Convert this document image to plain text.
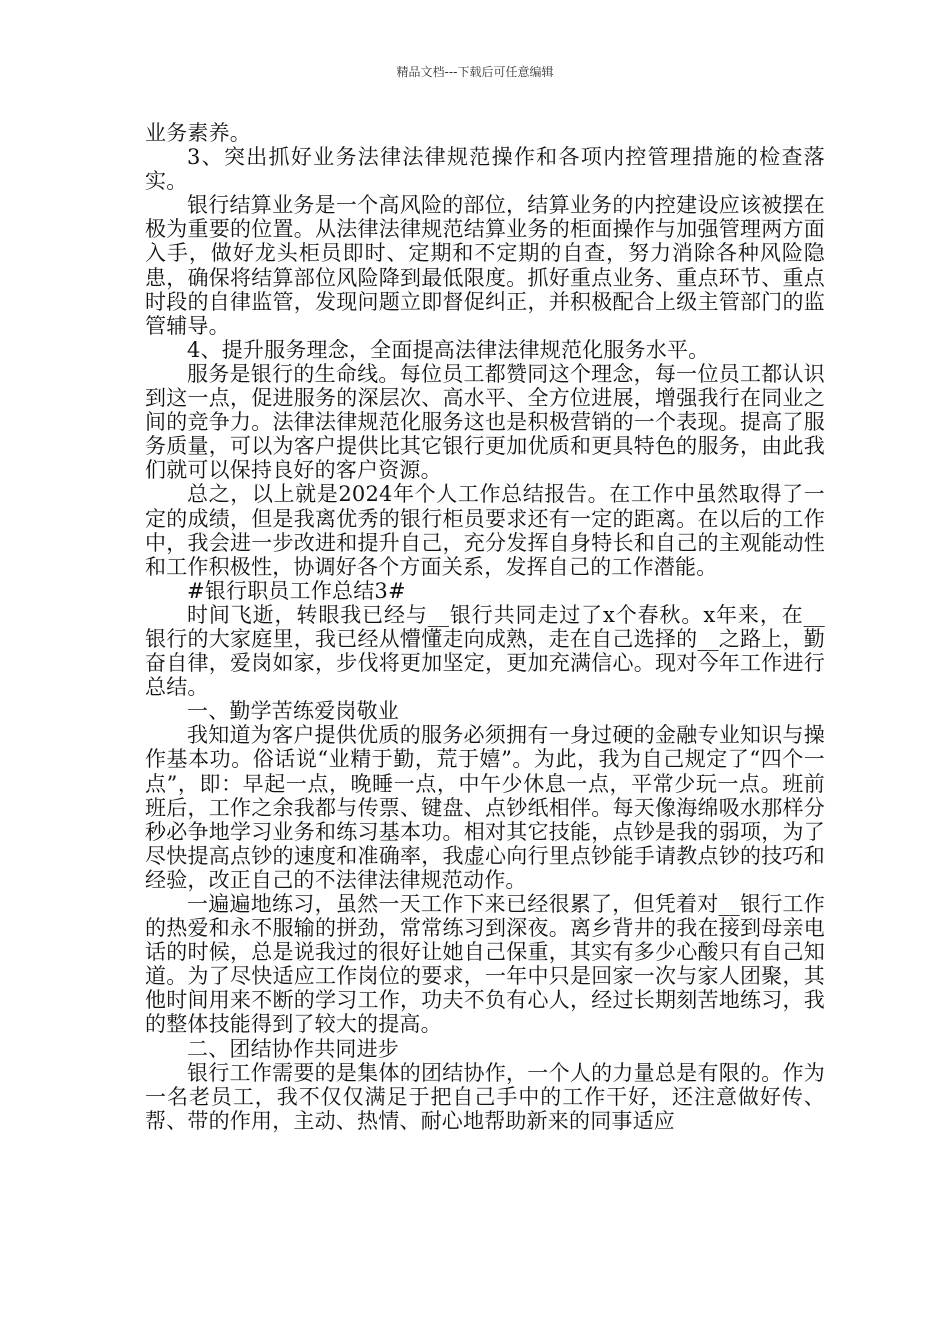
精品文档---下载后可任意编辑

业务素养。

3、突出抓好业务法律法律规范操作和各项内控管理措施的检查落实。

银行结算业务是一个高风险的部位，结算业务的内控建设应该被摆在极为重要的位置。从法律法律规范结算业务的柜面操作与加强管理两方面入手，做好龙头柜员即时、定期和不定期的自查，努力消除各种风险隐患，确保将结算部位风险降到最低限度。抓好重点业务、重点环节、重点时段的自律监管，发现问题立即督促纠正，并积极配合上级主管部门的监管辅导。

4、提升服务理念，全面提高法律法律规范化服务水平。

服务是银行的生命线。每位员工都赞同这个理念，每一位员工都认识到这一点，促进服务的深层次、高水平、全方位进展，增强我行在同业之间的竞争力。法律法律规范化服务这也是积极营销的一个表现。提高了服务质量，可以为客户提供比其它银行更加优质和更具特色的服务，由此我们就可以保持良好的客户资源。

总之，以上就是2024年个人工作总结报告。在工作中虽然取得了一定的成绩，但是我离优秀的银行柜员要求还有一定的距离。在以后的工作中，我会进一步改进和提升自己，充分发挥自身特长和自己的主观能动性和工作积极性，协调好各个方面关系，发挥自己的工作潜能。

#银行职员工作总结3#

时间飞逝，转眼我已经与__银行共同走过了x个春秋。x年来，在__银行的大家庭里，我已经从懵懂走向成熟，走在自己选择的__之路上，勤奋自律，爱岗如家，步伐将更加坚定，更加充满信心。现对今年工作进行总结。

一、勤学苦练爱岗敬业

我知道为客户提供优质的服务必须拥有一身过硬的金融专业知识与操作基本功。俗话说“业精于勤，荒于嬉”。为此，我为自己规定了“四个一点”，即：早起一点，晚睡一点，中午少休息一点，平常少玩一点。班前班后，工作之余我都与传票、键盘、点钞纸相伴。每天像海绵吸水那样分秒必争地学习业务和练习基本功。相对其它技能，点钞是我的弱项，为了尽快提高点钞的速度和准确率，我虚心向行里点钞能手请教点钞的技巧和经验，改正自己的不法律法律规范动作。

一遍遍地练习，虽然一天工作下来已经很累了，但凭着对__银行工作的热爱和永不服输的拼劲，常常练习到深夜。离乡背井的我在接到母亲电话的时候，总是说我过的很好让她自己保重，其实有多少心酸只有自己知道。为了尽快适应工作岗位的要求，一年中只是回家一次与家人团聚，其他时间用来不断的学习工作，功夫不负有心人，经过长期刻苦地练习，我的整体技能得到了较大的提高。

二、团结协作共同进步

银行工作需要的是集体的团结协作，一个人的力量总是有限的。作为一名老员工，我不仅仅满足于把自己手中的工作干好，还注意做好传、帮、带的作用，主动、热情、耐心地帮助新来的同事适应
